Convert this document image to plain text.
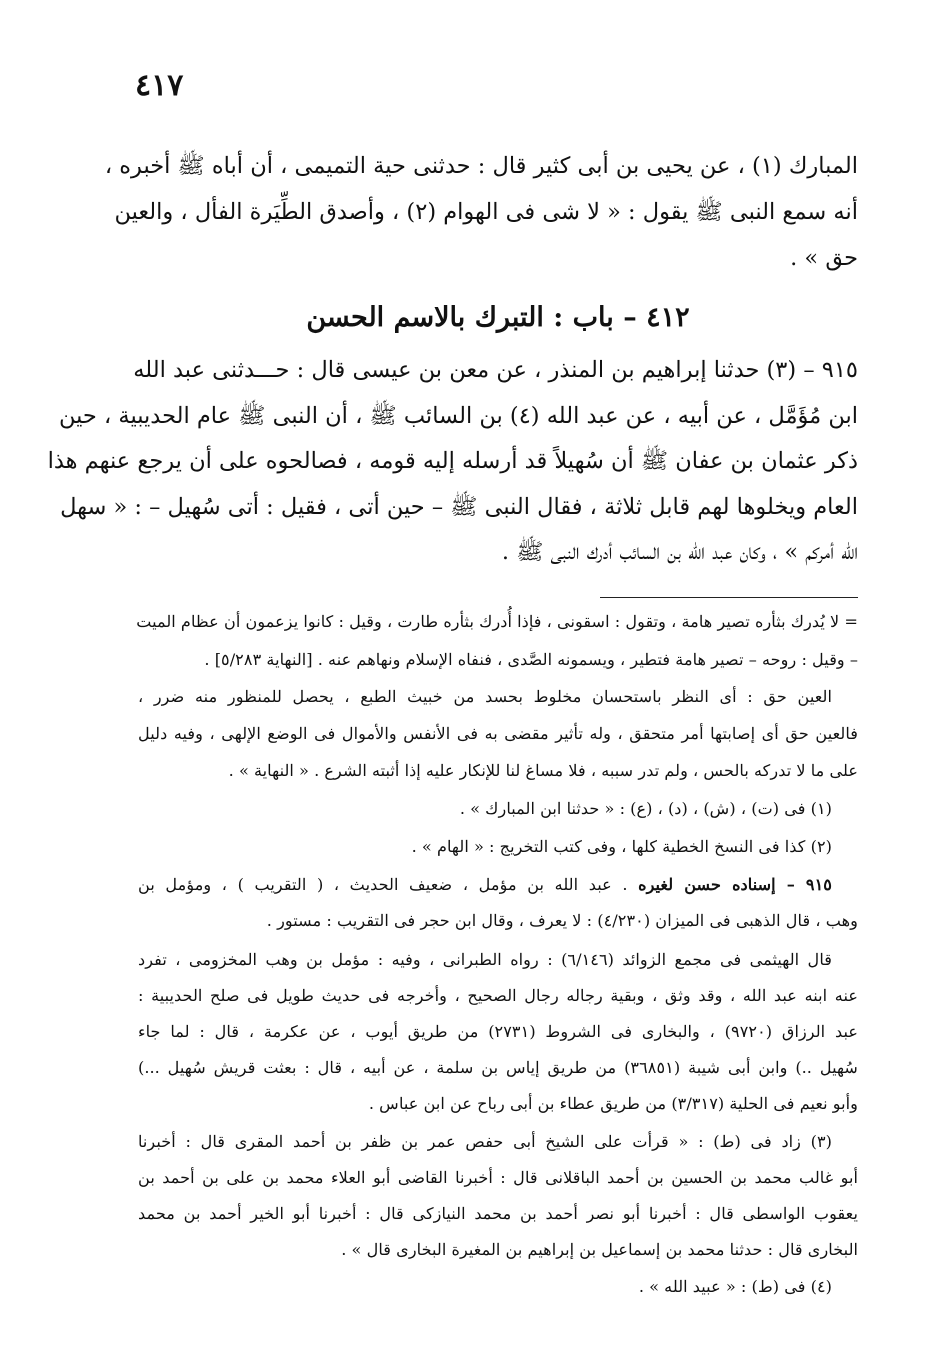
٤١٧
المبارك (١) ، عن يحيى بن أبى كثير قال : حدثنى حية التميمى ، أن أباه ﷺ أخبره ،
أنه سمع النبى ﷺ يقول : « لا شى فى الهوام (٢) ، وأصدق الطِّيَرة الفأل ، والعين
حق » .
٤١٢ – باب : التبرك بالاسم الحسن
٩١٥ – (٣) حدثنا إبراهيم بن المنذر ، عن معن بن عيسى قال : حـــدثنى عبد الله
ابن مُؤَمَّل ، عن أبيه ، عن عبد الله (٤) بن السائب ﷺ ، أن النبى ﷺ عام الحديبية ، حين
ذكر عثمان بن عفان ﷺ أن سُهيلاً قد أرسله إليه قومه ، فصالحوه على أن يرجع عنهم هذا
العام ويخلوها لهم قابل ثلاثة ، فقال النبى ﷺ – حين أتى ، فقيل : أتى سُهيل – : « سهل
الله أمركم » ، وكان عبد الله بن السائب أدرك النبى ﷺ .
= لا يُدرك بثأره تصير هامة ، وتقول : اسقونى ، فإذا أُدرك بثأره طارت ، وقيل : كانوا يزعمون أن عظام الميت
– وقيل : روحه – تصير هامة فتطير ، ويسمونه الصَّدى ، فنفاه الإسلام ونهاهم عنه . [النهاية ٥/٢٨٣] .
العين حق : أى النظر باستحسان مخلوط بحسد من خبيث الطبع ، يحصل للمنظور منه ضرر ،
فالعين حق أى إصابتها أمر متحقق ، وله تأثير مقضى به فى الأنفس والأموال فى الوضع الإلهى ، وفيه دليل
على ما لا تدركه بالحس ، ولم تدر سببه ، فلا مساغ لنا للإنكار عليه إذا أثبته الشرع . « النهاية » .
(١) فى (ت) ، (ش) ، (د) ، (ع) : « حدثنا ابن المبارك » .
(٢) كذا فى النسخ الخطية كلها ، وفى كتب التخريج : « الهام » .
٩١٥ – إسناده حسن لغيره . عبد الله بن مؤمل ، ضعيف الحديث ، ( التقريب ) ، ومؤمل بن
وهب ، قال الذهبى فى الميزان (٤/٢٣٠) : لا يعرف ، وقال ابن حجر فى التقريب : مستور .
قال الهيثمى فى مجمع الزوائد (٦/١٤٦) : رواه الطبرانى ، وفيه : مؤمل بن وهب المخزومى ، تفرد
عنه ابنه عبد الله ، وقد وثق ، وبقية رجاله رجال الصحيح ، وأخرجه فى حديث طويل فى صلح الحديبية :
عبد الرزاق (٩٧٢٠) ، والبخارى فى الشروط (٢٧٣١) من طريق أيوب ، عن عكرمة ، قال : لما جاء
سُهيل ..) وابن أبى شيبة (٣٦٨٥١) من طريق إياس بن سلمة ، عن أبيه ، قال : بعثت قريش سُهيل ...)
وأبو نعيم فى الحلية (٣/٣١٧) من طريق عطاء بن أبى رباح عن ابن عباس .
(٣) زاد فى (ط) : « قرأت على الشيخ أبى حفص عمر بن ظفر بن أحمد المقرى قال : أخبرنا
أبو غالب محمد بن الحسين بن أحمد الباقلانى قال : أخبرنا القاضى أبو العلاء محمد بن على بن أحمد بن
يعقوب الواسطى قال : أخبرنا أبو نصر أحمد بن محمد النيازكى قال : أخبرنا أبو الخير أحمد بن محمد
البخارى قال : حدثنا محمد بن إسماعيل بن إبراهيم بن المغيرة البخارى قال » .
(٤) فى (ط) : « عبيد الله » .
